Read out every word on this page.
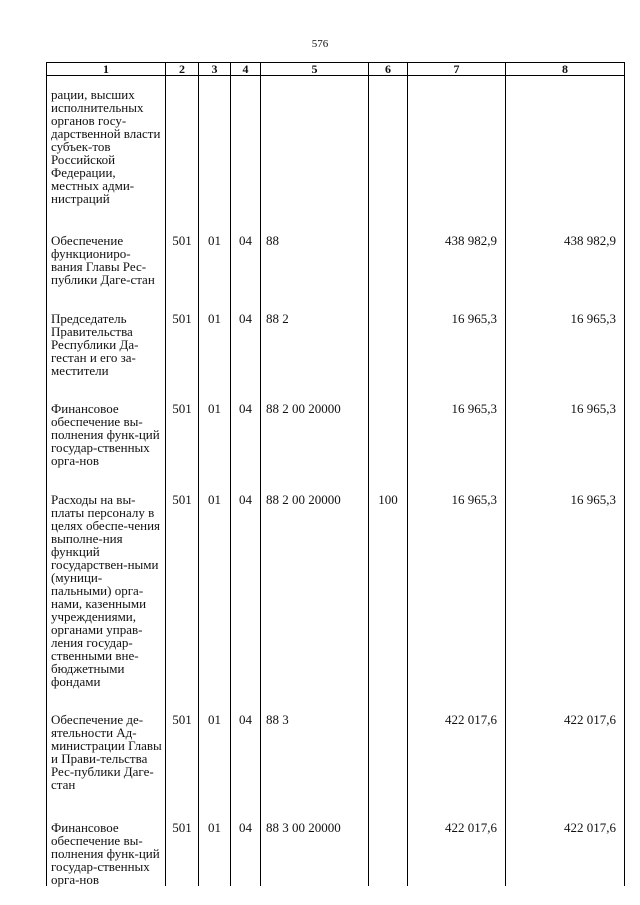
576
1	2	3	4	5	6	7	8
рации, высших исполнительных органов госу-дарственной власти субъек-тов Российской Федерации, местных адми-нистраций							
Обеспечение функциониро-вания Главы Рес-публики Даге-стан	501	01	04	88		438 982,9	438 982,9
Председатель Правительства Республики Да-гестан и его за-местители	501	01	04	88 2		16 965,3	16 965,3
Финансовое обеспечение вы-полнения функ-ций государ-ственных орга-нов	501	01	04	88 2 00 20000		16 965,3	16 965,3
Расходы на вы-платы персоналу в целях обеспе-чения выполне-ния функций государствен-ными (муници-пальными) орга-нами, казенными учреждениями, органами управ-ления государ-ственными вне-бюджетными фондами	501	01	04	88 2 00 20000	100	16 965,3	16 965,3
Обеспечение де-ятельности Ад-министрации Главы и Прави-тельства Рес-публики Даге-стан	501	01	04	88 3		422 017,6	422 017,6
Финансовое обеспечение вы-полнения функ-ций государ-ственных орга-нов	501	01	04	88 3 00 20000		422 017,6	422 017,6
